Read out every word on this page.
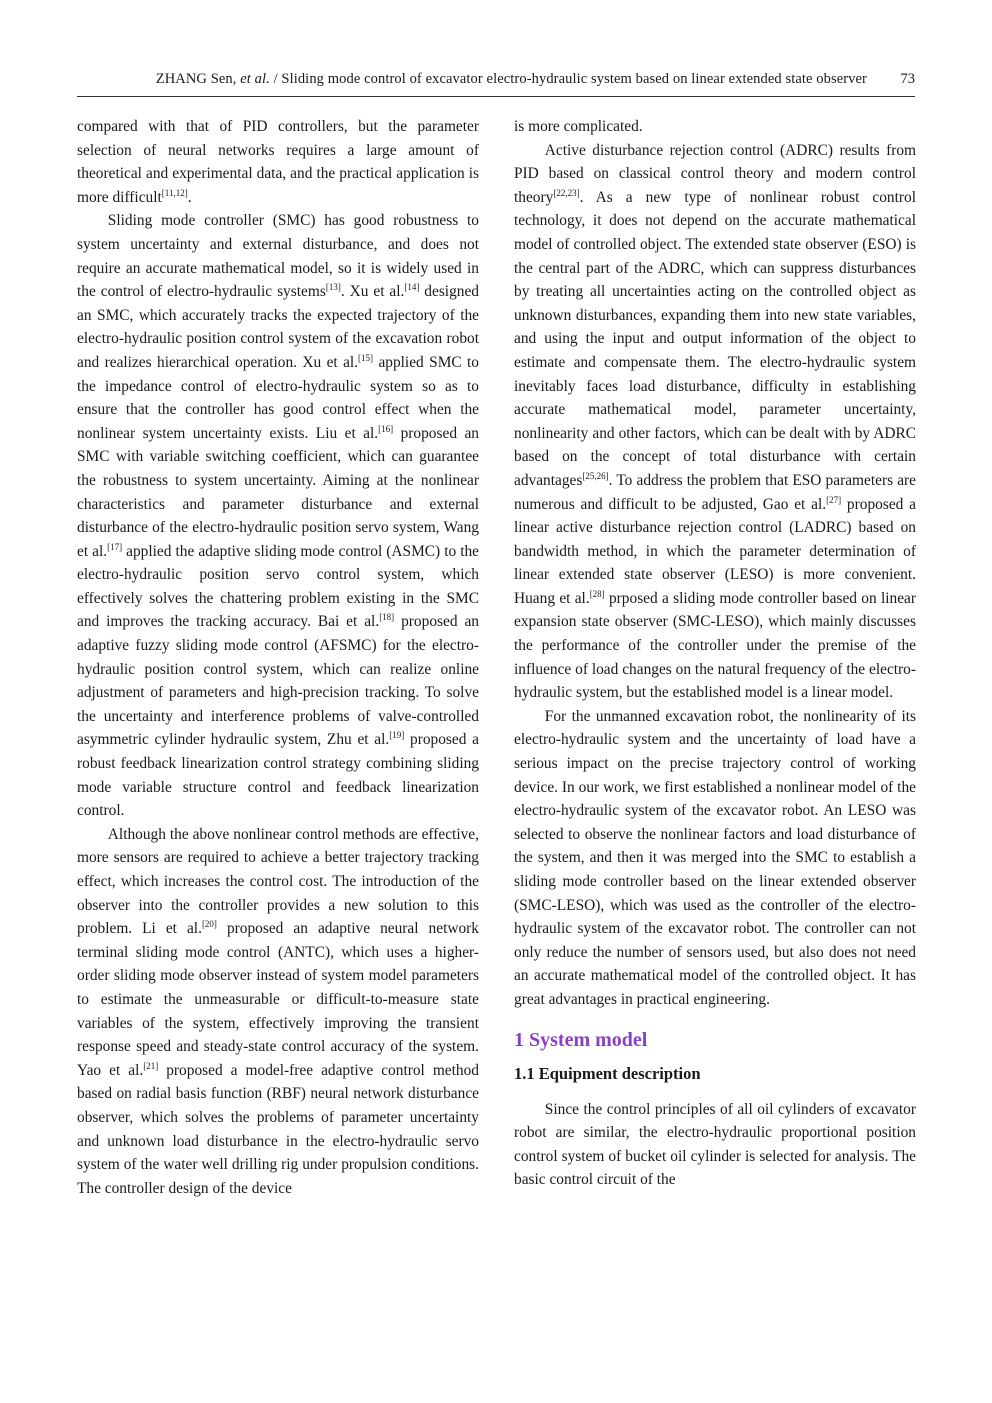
ZHANG Sen, et al. / Sliding mode control of excavator electro-hydraulic system based on linear extended state observer 73

compared with that of PID controllers, but the parameter selection of neural networks requires a large amount of theoretical and experimental data, and the practical application is more difficult[11,12].

Sliding mode controller (SMC) has good robustness to system uncertainty and external disturbance, and does not require an accurate mathematical model, so it is widely used in the control of electro-hydraulic systems[13]. Xu et al.[14] designed an SMC, which accurately tracks the expected trajectory of the electro-hydraulic position control system of the excavation robot and realizes hierarchical operation. Xu et al.[15] applied SMC to the impedance control of electro-hydraulic system so as to ensure that the controller has good control effect when the nonlinear system uncertainty exists. Liu et al.[16] proposed an SMC with variable switching coefficient, which can guarantee the robustness to system uncertainty. Aiming at the nonlinear characteristics and parameter disturbance and external disturbance of the electro-hydraulic position servo system, Wang et al.[17] applied the adaptive sliding mode control (ASMC) to the electro-hydraulic position servo control system, which effectively solves the chattering problem existing in the SMC and improves the tracking accuracy. Bai et al.[18] proposed an adaptive fuzzy sliding mode control (AFSMC) for the electro-hydraulic position control system, which can realize online adjustment of parameters and high-precision tracking. To solve the uncertainty and interference problems of valve-controlled asymmetric cylinder hydraulic system, Zhu et al.[19] proposed a robust feedback linearization control strategy combining sliding mode variable structure control and feedback linearization control.

Although the above nonlinear control methods are effective, more sensors are required to achieve a better trajectory tracking effect, which increases the control cost. The introduction of the observer into the controller provides a new solution to this problem. Li et al.[20] proposed an adaptive neural network terminal sliding mode control (ANTC), which uses a higher-order sliding mode observer instead of system model parameters to estimate the unmeasurable or difficult-to-measure state variables of the system, effectively improving the transient response speed and steady-state control accuracy of the system. Yao et al.[21] proposed a model-free adaptive control method based on radial basis function (RBF) neural network disturbance observer, which solves the problems of parameter uncertainty and unknown load disturbance in the electro-hydraulic servo system of the water well drilling rig under propulsion conditions. The controller design of the device

is more complicated.

Active disturbance rejection control (ADRC) results from PID based on classical control theory and modern control theory[22,23]. As a new type of nonlinear robust control technology, it does not depend on the accurate mathematical model of controlled object. The extended state observer (ESO) is the central part of the ADRC, which can suppress disturbances by treating all uncertainties acting on the controlled object as unknown disturbances, expanding them into new state variables, and using the input and output information of the object to estimate and compensate them. The electro-hydraulic system inevitably faces load disturbance, difficulty in establishing accurate mathematical model, parameter uncertainty, nonlinearity and other factors, which can be dealt with by ADRC based on the concept of total disturbance with certain advantages[25,26]. To address the problem that ESO parameters are numerous and difficult to be adjusted, Gao et al.[27] proposed a linear active disturbance rejection control (LADRC) based on bandwidth method, in which the parameter determination of linear extended state observer (LESO) is more convenient. Huang et al.[28] prposed a sliding mode controller based on linear expansion state observer (SMC-LESO), which mainly discusses the performance of the controller under the premise of the influence of load changes on the natural frequency of the electro-hydraulic system, but the established model is a linear model.

For the unmanned excavation robot, the nonlinearity of its electro-hydraulic system and the uncertainty of load have a serious impact on the precise trajectory control of working device. In our work, we first established a nonlinear model of the electro-hydraulic system of the excavator robot. An LESO was selected to observe the nonlinear factors and load disturbance of the system, and then it was merged into the SMC to establish a sliding mode controller based on the linear extended observer (SMC-LESO), which was used as the controller of the electro-hydraulic system of the excavator robot. The controller can not only reduce the number of sensors used, but also does not need an accurate mathematical model of the controlled object. It has great advantages in practical engineering.

1 System model
1.1 Equipment description

Since the control principles of all oil cylinders of excavator robot are similar, the electro-hydraulic proportional position control system of bucket oil cylinder is selected for analysis. The basic control circuit of the
